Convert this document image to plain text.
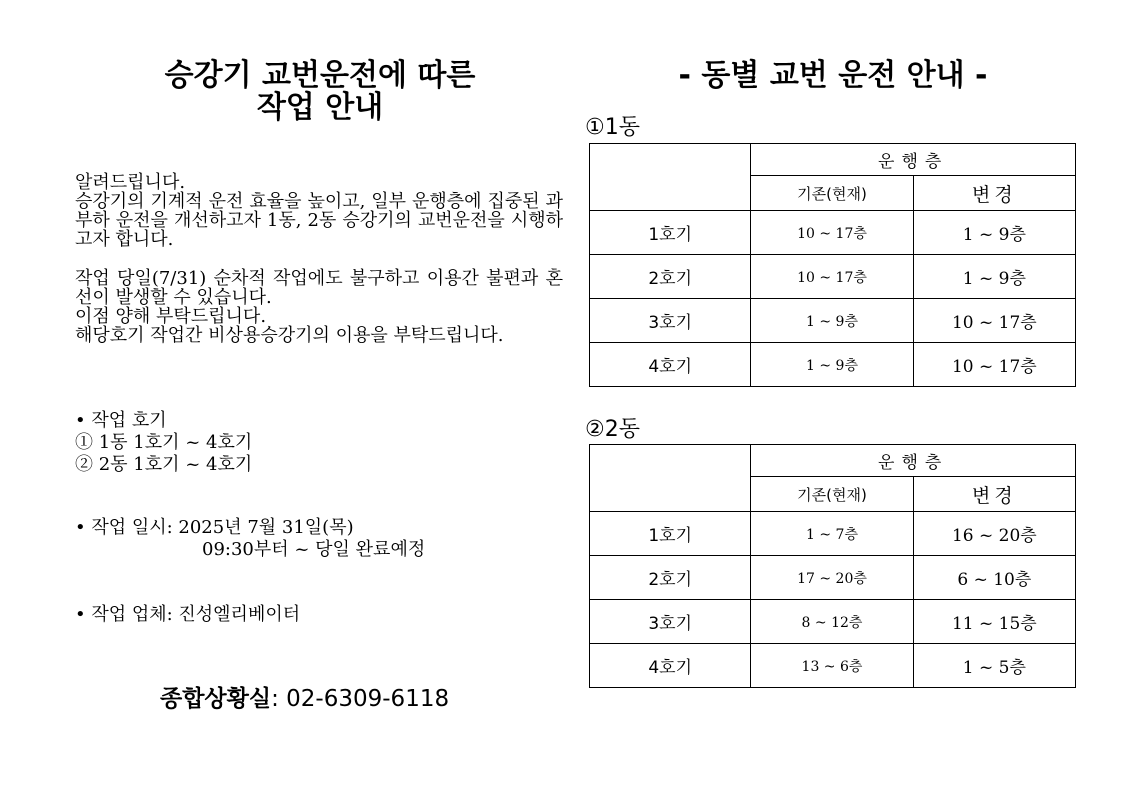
승강기 교번운전에 따른
작업 안내

알려드립니다.

승강기의 기계적 운전 효율을 높이고, 일부 운행층에 집중된 과부하 운전을 개선하고자 1동, 2동 승강기의 교번운전을 시행하고자 합니다.

작업 당일(7/31) 순차적 작업에도 불구하고 이용간 불편과 혼선이 발생할 수 있습니다.

이점 양해 부탁드립니다.

해당호기 작업간 비상용승강기의 이용을 부탁드립니다.

• 작업 호기
① 1동 1호기 ~ 4호기
② 2동 1호기 ~ 4호기
• 작업 일시: 2025년 7월 31일(목)
09:30부터 ~ 당일 완료예정
• 작업 업체: 진성엘리베이터
종합상황실: 02-6309-6118
- 동별 교번 운전 안내 -
①1동
	운행층	
	기존(현재)	변경
1호기	10 ~ 17층	1 ~ 9층
2호기	10 ~ 17층	1 ~ 9층
3호기	1 ~ 9층	10 ~ 17층
4호기	1 ~ 9층	10 ~ 17층
②2동
	운행층	
	기존(현재)	변경
1호기	1 ~ 7층	16 ~ 20층
2호기	17 ~ 20층	6 ~ 10층
3호기	8 ~ 12층	11 ~ 15층
4호기	13 ~ 6층	1 ~ 5층
